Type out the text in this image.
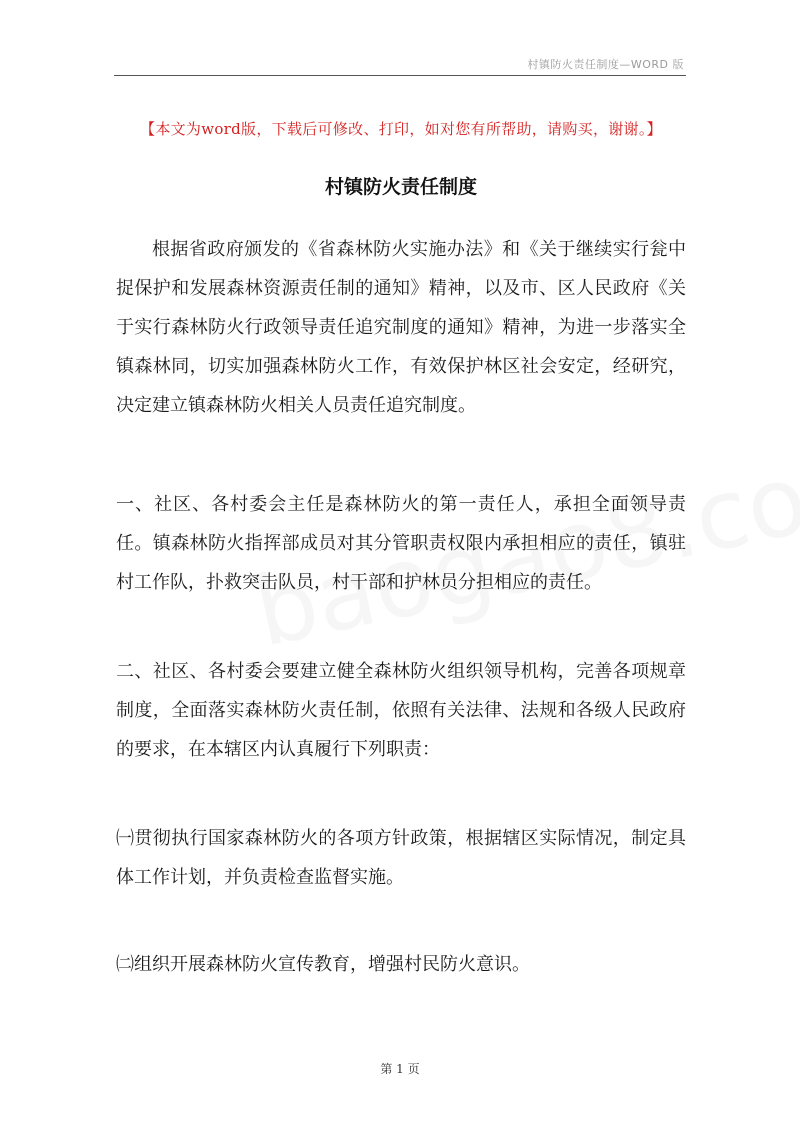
村镇防火责任制度—WORD 版
【本文为word版，下载后可修改、打印，如对您有所帮助，请购买，谢谢。】
村镇防火责任制度

根据省政府颁发的《省森林防火实施办法》和《关于继续实行瓮中捉保护和发展森林资源责任制的通知》精神，以及市、区人民政府《关于实行森林防火行政领导责任追究制度的通知》精神，为进一步落实全镇森林同，切实加强森林防火工作，有效保护林区社会安定，经研究，决定建立镇森林防火相关人员责任追究制度。

一、社区、各村委会主任是森林防火的第一责任人，承担全面领导责任。镇森林防火指挥部成员对其分管职责权限内承担相应的责任，镇驻村工作队，扑救突击队员，村干部和护林员分担相应的责任。

二、社区、各村委会要建立健全森林防火组织领导机构，完善各项规章制度，全面落实森林防火责任制，依照有关法律、法规和各级人民政府的要求，在本辖区内认真履行下列职责：

㈠贯彻执行国家森林防火的各项方针政策，根据辖区实际情况，制定具体工作计划，并负责检查监督实施。

㈡组织开展森林防火宣传教育，增强村民防火意识。

第 1 页
